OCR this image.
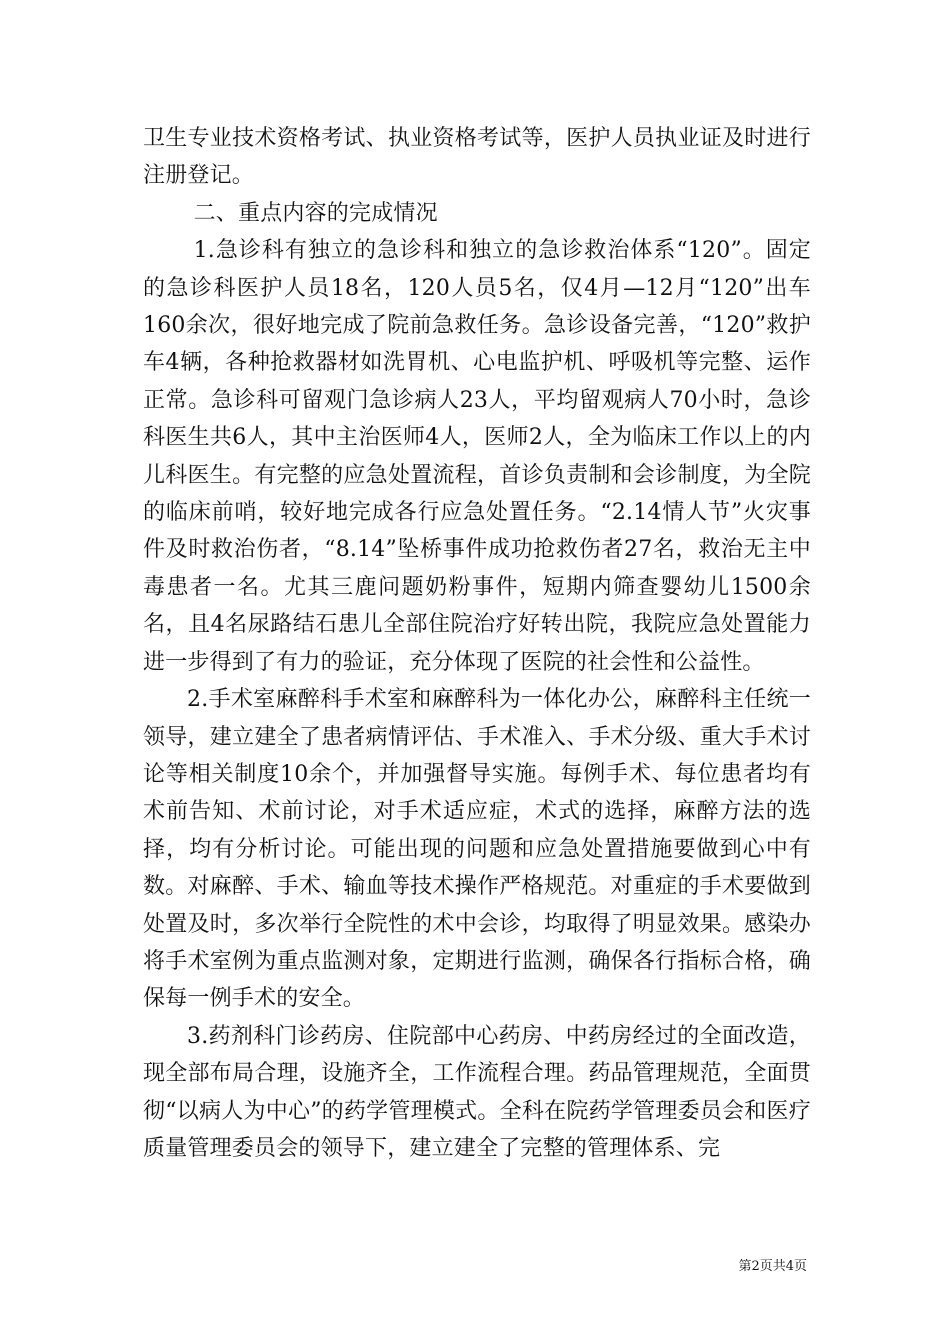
卫生专业技术资格考试、执业资格考试等，医护人员执业证及时进行注册登记。

二、重点内容的完成情况

1.急诊科有独立的急诊科和独立的急诊救治体系“120”。固定的急诊科医护人员18名，120人员5名，仅4月—12月“120”出车160余次，很好地完成了院前急救任务。急诊设备完善，“120”救护车4辆，各种抢救器材如洗胃机、心电监护机、呼吸机等完整、运作正常。急诊科可留观门急诊病人23人，平均留观病人70小时，急诊科医生共6人，其中主治医师4人，医师2人，全为临床工作以上的内儿科医生。有完整的应急处置流程，首诊负责制和会诊制度，为全院的临床前哨，较好地完成各行应急处置任务。“2.14情人节”火灾事件及时救治伤者，“8.14”坠桥事件成功抢救伤者27名，救治无主中毒患者一名。尤其三鹿问题奶粉事件，短期内筛查婴幼儿1500余名，且4名尿路结石患儿全部住院治疗好转出院，我院应急处置能力进一步得到了有力的验证，充分体现了医院的社会性和公益性。

2.手术室麻醉科手术室和麻醉科为一体化办公，麻醉科主任统一领导，建立建全了患者病情评估、手术准入、手术分级、重大手术讨论等相关制度10余个，并加强督导实施。每例手术、每位患者均有术前告知、术前讨论，对手术适应症，术式的选择，麻醉方法的选择，均有分析讨论。可能出现的问题和应急处置措施要做到心中有数。对麻醉、手术、输血等技术操作严格规范。对重症的手术要做到处置及时，多次举行全院性的术中会诊，均取得了明显效果。感染办将手术室例为重点监测对象，定期进行监测，确保各行指标合格，确保每一例手术的安全。

3.药剂科门诊药房、住院部中心药房、中药房经过的全面改造，现全部布局合理，设施齐全，工作流程合理。药品管理规范，全面贯彻“以病人为中心”的药学管理模式。全科在院药学管理委员会和医疗质量管理委员会的领导下，建立建全了完整的管理体系、完

第2页共4页
